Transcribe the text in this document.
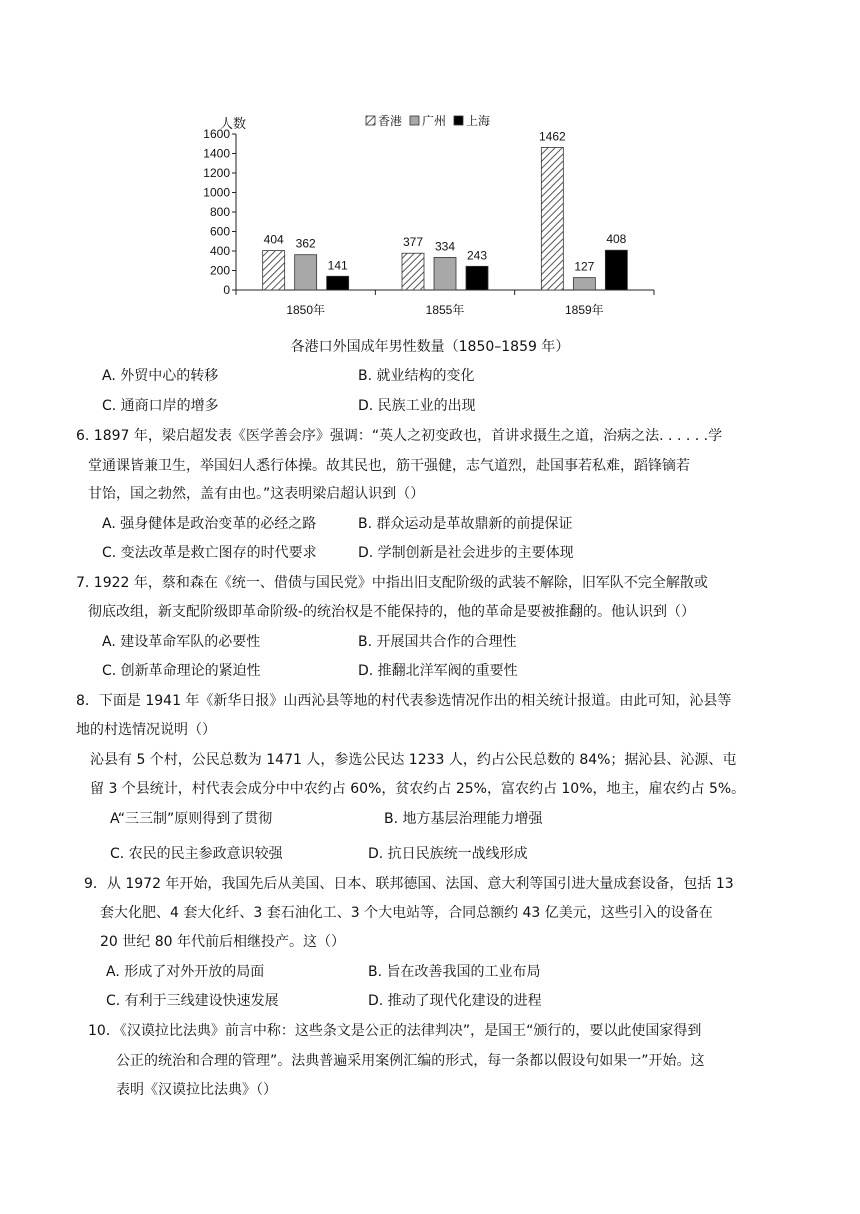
0
200
400
600
800
1000
1200
1400
1600
人数
1850年
404 362
141
1855年
377 334
243
1859年
1462
127
408
香港 广州 上海
各港口外国成年男性数量（1850–1859 年）
A. 外贸中心的转移	B. 就业结构的变化
C. 通商口岸的增多	D. 民族工业的出现
6. 1897 年，梁启超发表《医学善会序》强调：“英人之初变政也，首讲求摄生之道，治病之法. . . . . .学
堂通课皆兼卫生，举国妇人悉行体操。故其民也，筋干强健，志气道烈，赴国事若私难，蹈锋镝若
甘饴，国之勃然，盖有由也。”这表明梁启超认识到（）
A. 强身健体是政治变革的必经之路	B. 群众运动是革故鼎新的前提保证
C. 变法改革是救亡图存的时代要求	D. 学制创新是社会进步的主要体现
7. 1922 年，蔡和森在《统一、借债与国民党》中指出旧支配阶级的武装不解除，旧军队不完全解散或
彻底改组，新支配阶级即革命阶级-的统治权是不能保持的，他的革命是要被推翻的。他认识到（）
A. 建设革命军队的必要性	B. 开展国共合作的合理性
C. 创新革命理论的紧迫性	D. 推翻北洋军阀的重要性
8．下面是 1941 年《新华日报》山西沁县等地的村代表参选情况作出的相关统计报道。由此可知，沁县等
地的村选情况说明（）
沁县有 5 个村，公民总数为 1471 人，参选公民达 1233 人，约占公民总数的 84%；据沁县、沁源、屯
留 3 个县统计，村代表会成分中中农约占 60%，贫农约占 25%，富农约占 10%，地主，雇农约占 5%。
A“三三制”原则得到了贯彻	B. 地方基层治理能力增强
C. 农民的民主参政意识较强	D. 抗日民族统一战线形成
9．从 1972 年开始，我国先后从美国、日本、联邦德国、法国、意大利等国引进大量成套设备，包括 13
套大化肥、4 套大化纤、3 套石油化工、3 个大电站等，合同总额约 43 亿美元，这些引入的设备在
20 世纪 80 年代前后相继投产。这（）
A. 形成了对外开放的局面	B. 旨在改善我国的工业布局
C. 有利于三线建设快速发展	D. 推动了现代化建设的进程
10．《汉谟拉比法典》前言中称：这些条文是公正的法律判决”，是国王“颁行的，要以此使国家得到
公正的统治和合理的管理”。法典普遍采用案例汇编的形式，每一条都以假设句如果一”开始。这
表明《汉谟拉比法典》（）
